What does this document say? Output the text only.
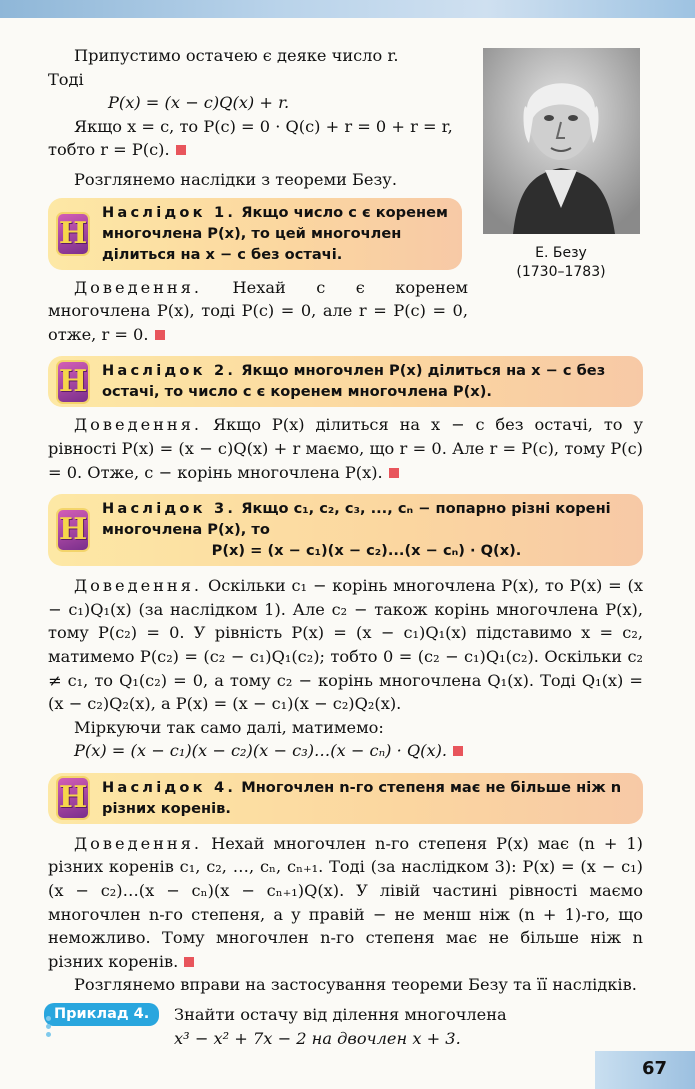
Е. Безу
(1730–1783)

Припустимо остачею є деяке число r.

Тоді

P(x) = (x − c)Q(x) + r.

Якщо x = c, то P(c) = 0 · Q(c) + r = 0 + r = r,

тобто r = P(c).

Розглянемо наслідки з теореми Безу.

Н
Наслідок 1. Якщо число c є коренем многочлена P(x), то цей многочлен ділиться на x − c без остачі.

Доведення. Нехай c є коренем многочлена P(x), тоді P(c) = 0, але r = P(c) = 0, отже, r = 0.

Н Наслідок 2. Якщо многочлен P(x) ділиться на x − c без остачі, то число c є коренем многочлена P(x).

Доведення. Якщо P(x) ділиться на x − c без остачі, то у рівності P(x) = (x − c)Q(x) + r маємо, що r = 0. Але r = P(c), тому P(c) = 0. Отже, c − корінь многочлена P(x).

Н
Наслідок 3. Якщо c₁, c₂, c₃, ..., cₙ − попарно різні корені многочлена P(x), то
P(x) = (x − c₁)(x − c₂)...(x − cₙ) · Q(x).

Доведення. Оскільки c₁ − корінь многочлена P(x), то P(x) = (x − c₁)Q₁(x) (за наслідком 1). Але c₂ − також корінь многочлена P(x), тому P(c₂) = 0. У рівність P(x) = (x − c₁)Q₁(x) підставимо x = c₂, матимемо P(c₂) = (c₂ − c₁)Q₁(c₂); тобто 0 = (c₂ − c₁)Q₁(c₂). Оскільки c₂ ≠ c₁, то Q₁(c₂) = 0, а тому c₂ − корінь многочлена Q₁(x). Тоді Q₁(x) = (x − c₂)Q₂(x), а P(x) = (x − c₁)(x − c₂)Q₂(x).

Міркуючи так само далі, матимемо:

P(x) = (x − c₁)(x − c₂)(x − c₃)…(x − cₙ) · Q(x).

Н Наслідок 4. Многочлен n-го степеня має не більше ніж n різних коренів.

Доведення. Нехай многочлен n-го степеня P(x) має (n + 1) різних коренів c₁, c₂, …, cₙ, cₙ₊₁. Тоді (за наслідком 3): P(x) = (x − c₁)(x − c₂)…(x − cₙ)(x − cₙ₊₁)Q(x). У лівій частині рівності маємо многочлен n-го степеня, а у правій − не менш ніж (n + 1)-го, що неможливо. Тому многочлен n-го степеня має не більше ніж n різних коренів.

Розглянемо вправи на застосування теореми Безу та її наслідків.

Приклад 4.	Знайти остачу від ділення многочлена

x³ − x² + 7x − 2 на двочлен x + 3.

67
